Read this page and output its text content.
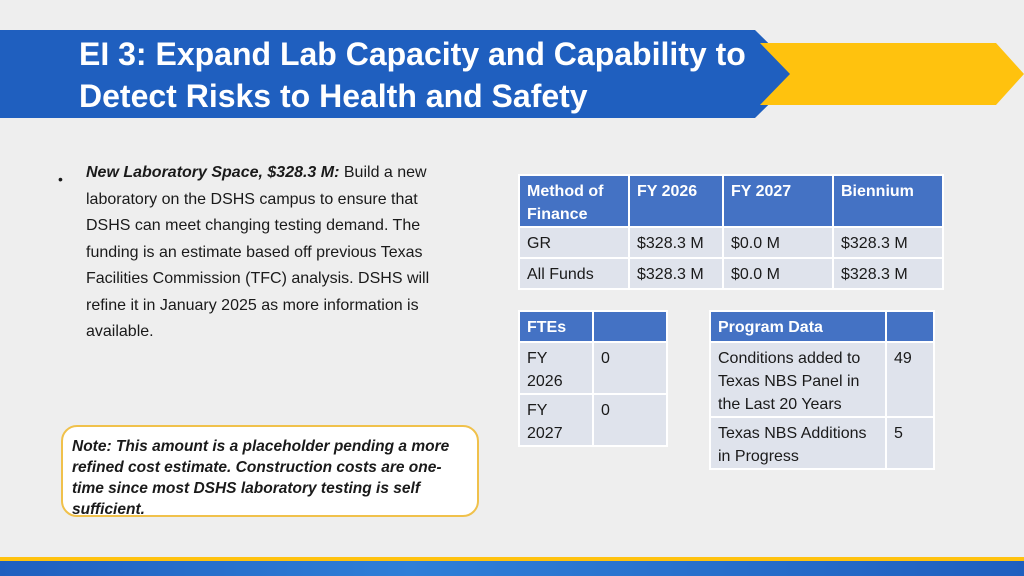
EI 3: Expand Lab Capacity and Capability to Detect Risks to Health and Safety
• New Laboratory Space, $328.3 M: Build a new laboratory on the DSHS campus to ensure that DSHS can meet changing testing demand. The funding is an estimate based off previous Texas Facilities Commission (TFC) analysis. DSHS will refine it in January 2025 as more information is available.
Note: This amount is a placeholder pending a more refined cost estimate. Construction costs are one-time since most DSHS laboratory testing is self sufficient.
Method of Finance	FY 2026	FY 2027	Biennium
GR	$328.3 M	$0.0 M	$328.3 M
All Funds	$328.3 M	$0.0 M	$328.3 M
FTEs	
FY 2026	0
FY 2027	0
Program Data	
Conditions added to Texas NBS Panel in the Last 20 Years	49
Texas NBS Additions in Progress	5
